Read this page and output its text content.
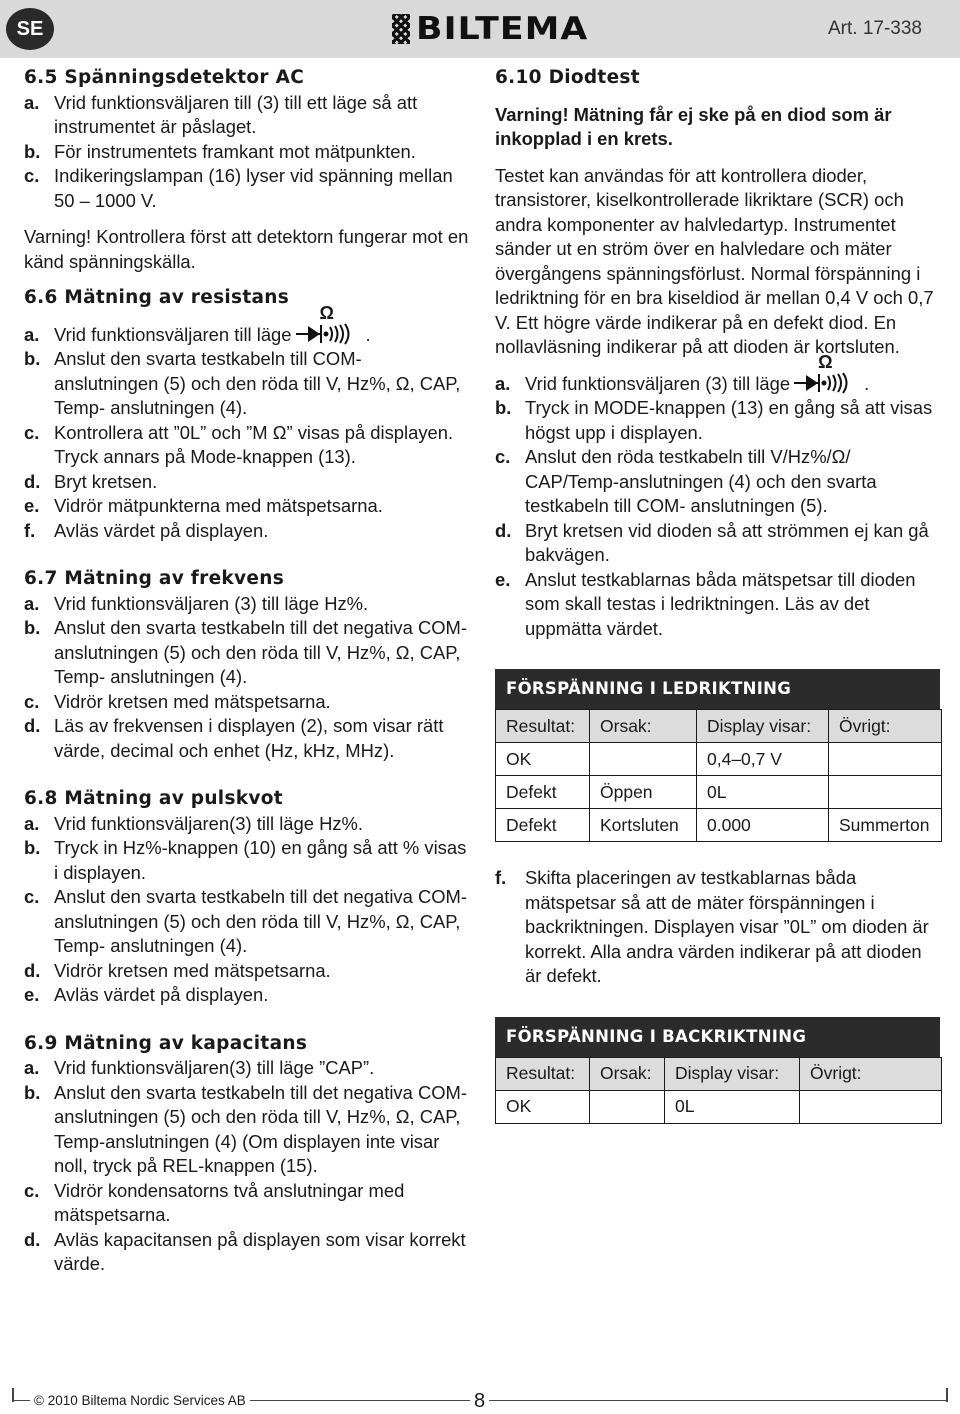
SE	BILTEMA	Art. 17-338
6.5 Spänningsdetektor AC
a. Vrid funktionsväljaren till (3) till ett läge så att instrumentet är påslaget.
b. För instrumentets framkant mot mätpunkten.
c. Indikeringslampan (16) lyser vid spänning mellan 50 – 1000 V.
Varning! Kontrollera först att detektorn fungerar mot en känd spänningskälla.
6.6 Mätning av resistans
a. Vrid funktionsväljaren till läge
Ω
.
b. Anslut den svarta testkabeln till COM- anslutningen (5) och den röda till V, Hz%, Ω, CAP, Temp- anslutningen (4).
c. Kontrollera att ”0L” och ”M Ω” visas på displayen. Tryck annars på Mode-knappen (13).
d. Bryt kretsen.
e. Vidrör mätpunkterna med mätspetsarna.
f. Avläs värdet på displayen.
6.7 Mätning av frekvens
a. Vrid funktionsväljaren (3) till läge Hz%.
b. Anslut den svarta testkabeln till det negativa COM- anslutningen (5) och den röda till V, Hz%, Ω, CAP, Temp- anslutningen (4).
c. Vidrör kretsen med mätspetsarna.
d. Läs av frekvensen i displayen (2), som visar rätt värde, decimal och enhet (Hz, kHz, MHz).
6.8 Mätning av pulskvot
a. Vrid funktionsväljaren(3) till läge Hz%.
b. Tryck in Hz%-knappen (10) en gång så att % visas i displayen.
c. Anslut den svarta testkabeln till det negativa COM- anslutningen (5) och den röda till V, Hz%, Ω, CAP, Temp- anslutningen (4).
d. Vidrör kretsen med mätspetsarna.
e. Avläs värdet på displayen.
6.9 Mätning av kapacitans
a. Vrid funktionsväljaren(3) till läge ”CAP”.
b. Anslut den svarta testkabeln till det negativa COM- anslutningen (5) och den röda till V, Hz%, Ω, CAP, Temp-anslutningen (4) (Om displayen inte visar noll, tryck på REL-knappen (15).
c. Vidrör kondensatorns två anslutningar med mätspetsarna.
d. Avläs kapacitansen på displayen som visar korrekt värde.
6.10 Diodtest
Varning! Mätning får ej ske på en diod som är inkopplad i en krets.
Testet kan användas för att kontrollera dioder, transistorer, kiselkontrollerade likriktare (SCR) och andra komponenter av halvledartyp. Instrumentet sänder ut en ström över en halvledare och mäter övergångens spänningsförlust. Normal förspänning i ledriktning för en bra kiseldiod är mellan 0,4 V och 0,7 V. Ett högre värde indikerar på en defekt diod. En nollavläsning indikerar på att dioden är kortsluten.
a. Vrid funktionsväljaren (3) till läge
Ω
.
b. Tryck in MODE-knappen (13) en gång så att visas högst upp i displayen.
c. Anslut den röda testkabeln till V/Hz%/Ω/ CAP/Temp-anslutningen (4) och den svarta testkabeln till COM- anslutningen (5).
d. Bryt kretsen vid dioden så att strömmen ej kan gå bakvägen.
e. Anslut testkablarnas båda mätspetsar till dioden som skall testas i ledriktningen. Läs av det uppmätta värdet.
FÖRSPÄNNING I LEDRIKTNING
Resultat:	Orsak:	Display visar:	Övrigt:
OK		0,4–0,7 V	
Defekt	Öppen	0L	
Defekt	Kortsluten	0.000	Summerton
f. Skifta placeringen av testkablarnas båda mätspetsar så att de mäter förspänningen i backriktningen. Displayen visar ”0L” om dioden är korrekt. Alla andra värden indikerar på att dioden är defekt.
FÖRSPÄNNING I BACKRIKTNING
Resultat:	Orsak:	Display visar:	Övrigt:
OK		0L	
© 2010 Biltema Nordic Services AB	8
